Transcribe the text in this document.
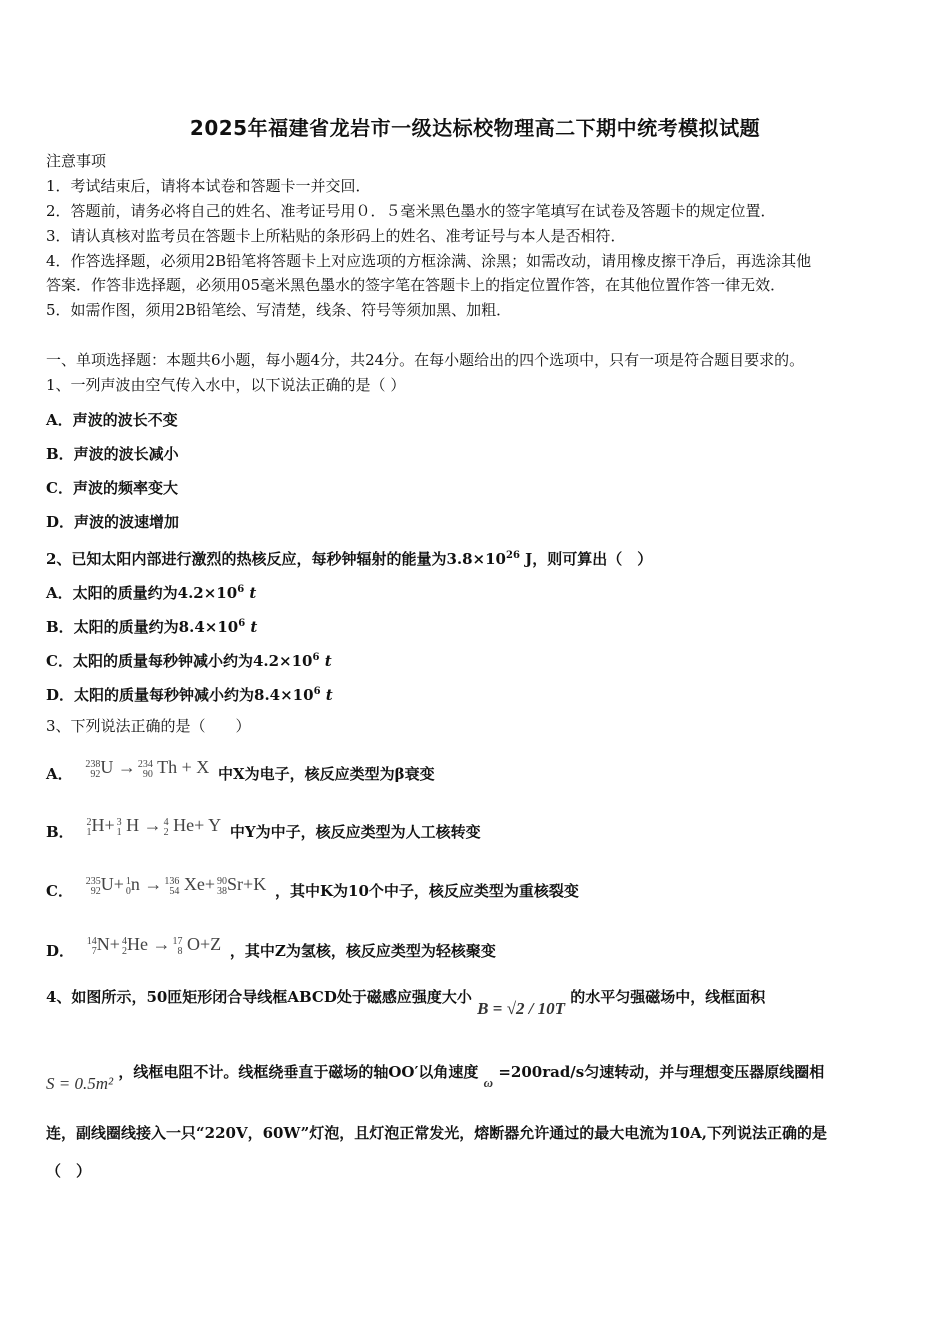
2025年福建省龙岩市一级达标校物理高二下期中统考模拟试题
注意事项
1．考试结束后，请将本试卷和答题卡一并交回．
2．答题前，请务必将自己的姓名、准考证号用０．５毫米黑色墨水的签字笔填写在试卷及答题卡的规定位置．
3．请认真核对监考员在答题卡上所粘贴的条形码上的姓名、准考证号与本人是否相符．
4．作答选择题，必须用2B铅笔将答题卡上对应选项的方框涂满、涂黑；如需改动，请用橡皮擦干净后，再选涂其他
答案．作答非选择题，必须用05毫米黑色墨水的签字笔在答题卡上的指定位置作答，在其他位置作答一律无效．
5．如需作图，须用2B铅笔绘、写清楚，线条、符号等须加黑、加粗．
一、单项选择题：本题共6小题，每小题4分，共24分。在每小题给出的四个选项中，只有一项是符合题目要求的。
1、一列声波由空气传入水中，以下说法正确的是（ ）
A．声波的波长不变
B．声波的波长减小
C．声波的频率变大
D．声波的波速增加
2、已知太阳内部进行激烈的热核反应，每秒钟辐射的能量为$3.8\times 10^{26}$ J，则可算出（　）
A．太阳的质量约为$4.2\times 10^6$ t
B．太阳的质量约为$8.4\times 10^6$ t
C．太阳的质量每秒钟减小约为$4.2\times 10^6$ t
D．太阳的质量每秒钟减小约为$8.4\times 10^6$ t
3、下列说法正确的是（　　）
A．
238
92 U → 234
90 Th + X 中X为电子，核反应类型为β衰变
B．
2
1 H+ 3
1 H → 4
2 He+ Y 中Y为中子，核反应类型为人工核转变
C．
235
92 U+ 1
0 n → 136
54 Xe+ 90
38 Sr+K ，其中K为10个中子，核反应类型为重核裂变
D．
14
7 N+ 4
2 He → 17
8 O+Z ，其中Z为氢核，核反应类型为轻核聚变
4、如图所示，50匝矩形闭合导线框ABCD处于磁感应强度大小 B = √2 / 10T 的水平匀强磁场中，线框面积
S = 0.5m² ，线框电阻不计。线框绕垂直于磁场的轴OO′以角速度 ω =200rad/s匀速转动，并与理想变压器原线圈相
连，副线圈线接入一只“220V，60W”灯泡，且灯泡正常发光，熔断器允许通过的最大电流为10A,下列说法正确的是
（　）
